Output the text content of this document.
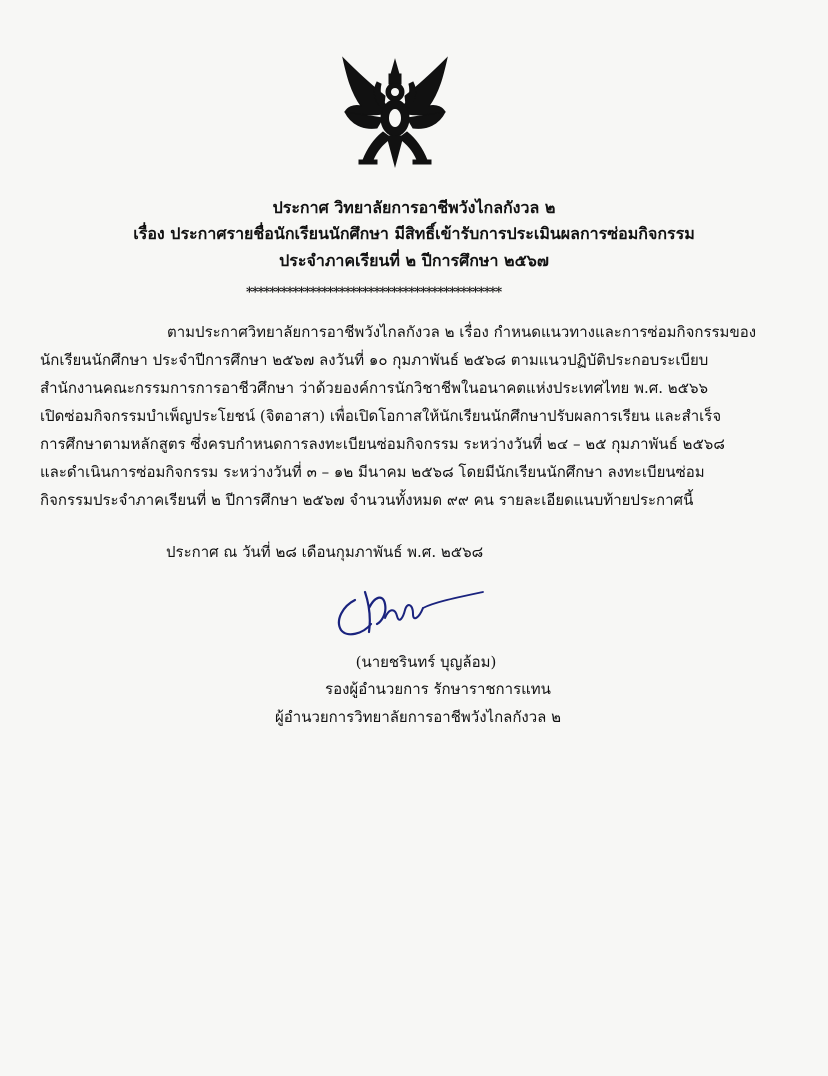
ประกาศ วิทยาลัยการอาชีพวังไกลกังวล ๒
เรื่อง ประกาศรายชื่อนักเรียนนักศึกษา มีสิทธิ์เข้ารับการประเมินผลการซ่อมกิจกรรม
ประจำภาคเรียนที่ ๒ ปีการศึกษา ๒๕๖๗
********************************************
ตามประกาศวิทยาลัยการอาชีพวังไกลกังวล ๒ เรื่อง กำหนดแนวทางและการซ่อมกิจกรรมของ
นักเรียนนักศึกษา ประจำปีการศึกษา ๒๕๖๗ ลงวันที่ ๑๐ กุมภาพันธ์ ๒๕๖๘ ตามแนวปฏิบัติประกอบระเบียบ
สำนักงานคณะกรรมการการอาชีวศึกษา ว่าด้วยองค์การนักวิชาชีพในอนาคตแห่งประเทศไทย พ.ศ. ๒๕๖๖
เปิดซ่อมกิจกรรมบำเพ็ญประโยชน์ (จิตอาสา) เพื่อเปิดโอกาสให้นักเรียนนักศึกษาปรับผลการเรียน และสำเร็จ
การศึกษาตามหลักสูตร ซึ่งครบกำหนดการลงทะเบียนซ่อมกิจกรรม ระหว่างวันที่ ๒๔ – ๒๕ กุมภาพันธ์ ๒๕๖๘
และดำเนินการซ่อมกิจกรรม ระหว่างวันที่ ๓ – ๑๒ มีนาคม ๒๕๖๘ โดยมีนักเรียนนักศึกษา ลงทะเบียนซ่อม
กิจกรรมประจำภาคเรียนที่ ๒ ปีการศึกษา ๒๕๖๗ จำนวนทั้งหมด ๙๙ คน รายละเอียดแนบท้ายประกาศนี้
ประกาศ ณ วันที่ ๒๘ เดือนกุมภาพันธ์ พ.ศ. ๒๕๖๘
(นายชรินทร์ บุญล้อม)
รองผู้อำนวยการ รักษาราชการแทน
ผู้อำนวยการวิทยาลัยการอาชีพวังไกลกังวล ๒
